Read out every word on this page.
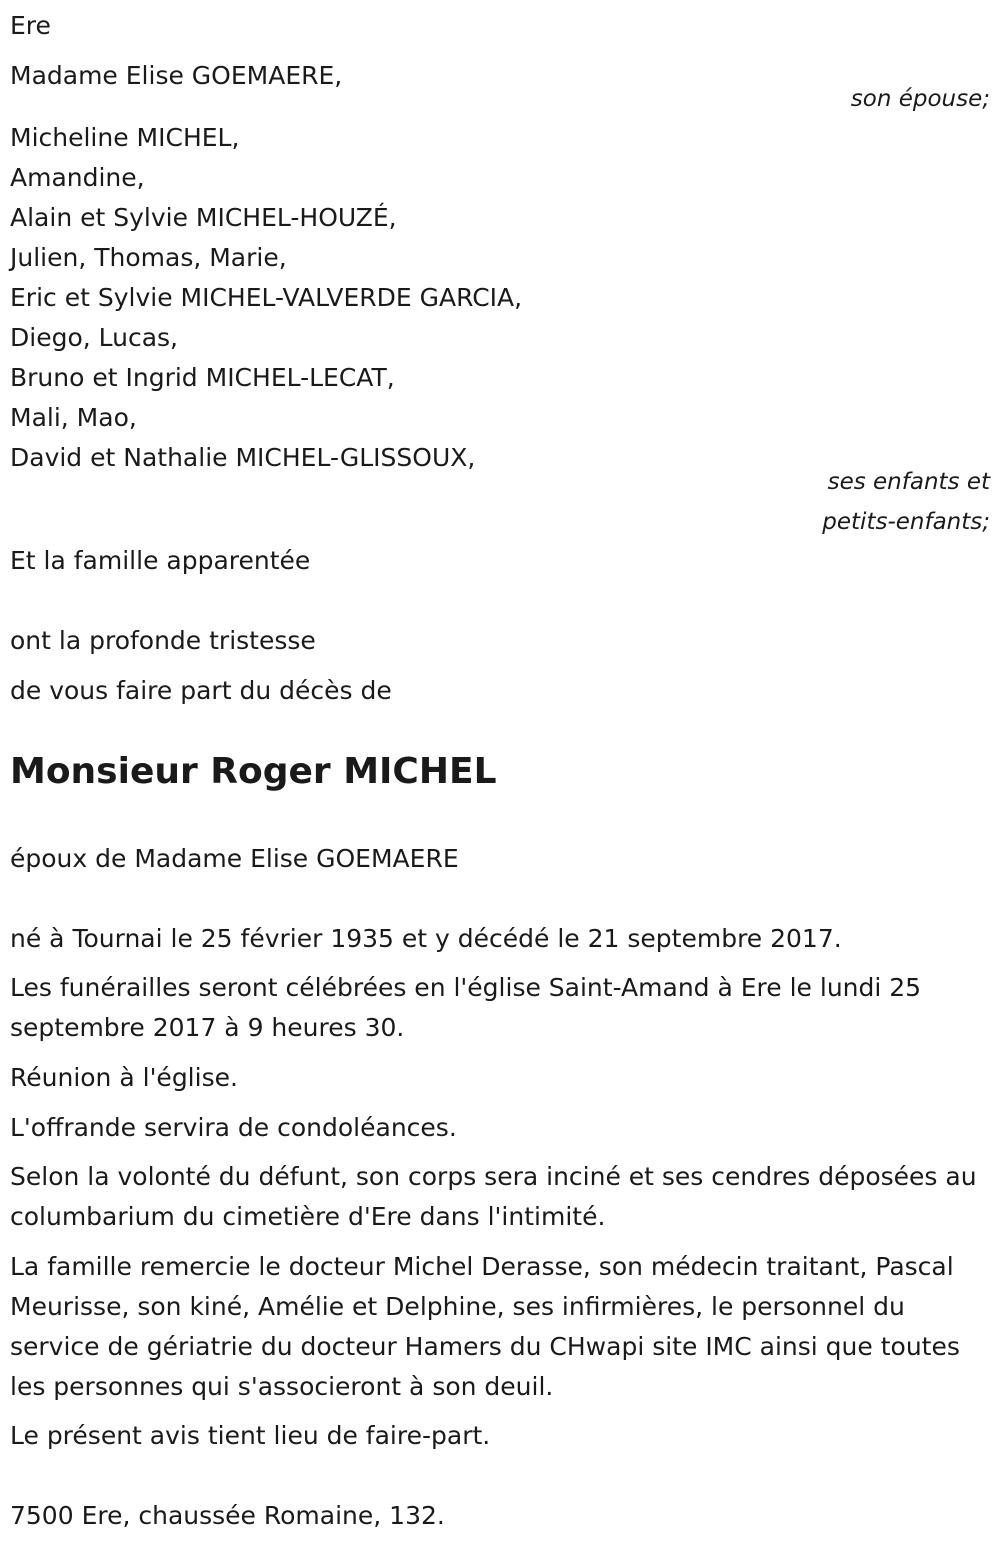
Ere

Madame Elise GOEMAERE,

son épouse;

Micheline MICHEL,
Amandine,
Alain et Sylvie MICHEL-HOUZÉ,
Julien, Thomas, Marie,
Eric et Sylvie MICHEL-VALVERDE GARCIA,
Diego, Lucas,
Bruno et Ingrid MICHEL-LECAT,
Mali, Mao,
David et Nathalie MICHEL-GLISSOUX,

ses enfants et

petits-enfants;

Et la famille apparentée

ont la profonde tristesse

de vous faire part du décès de

Monsieur Roger MICHEL

époux de Madame Elise GOEMAERE

né à Tournai le 25 février 1935 et y décédé le 21 septembre 2017.

Les funérailles seront célébrées en l'église Saint-Amand à Ere le lundi 25 septembre 2017 à 9 heures 30.

Réunion à l'église.

L'offrande servira de condoléances.

Selon la volonté du défunt, son corps sera inciné et ses cendres déposées au columbarium du cimetière d'Ere dans l'intimité.

La famille remercie le docteur Michel Derasse, son médecin traitant, Pascal Meurisse, son kiné, Amélie et Delphine, ses infirmières, le personnel du service de gériatrie du docteur Hamers du CHwapi site IMC ainsi que toutes les personnes qui s'associeront à son deuil.

Le présent avis tient lieu de faire-part.

7500 Ere, chaussée Romaine, 132.
